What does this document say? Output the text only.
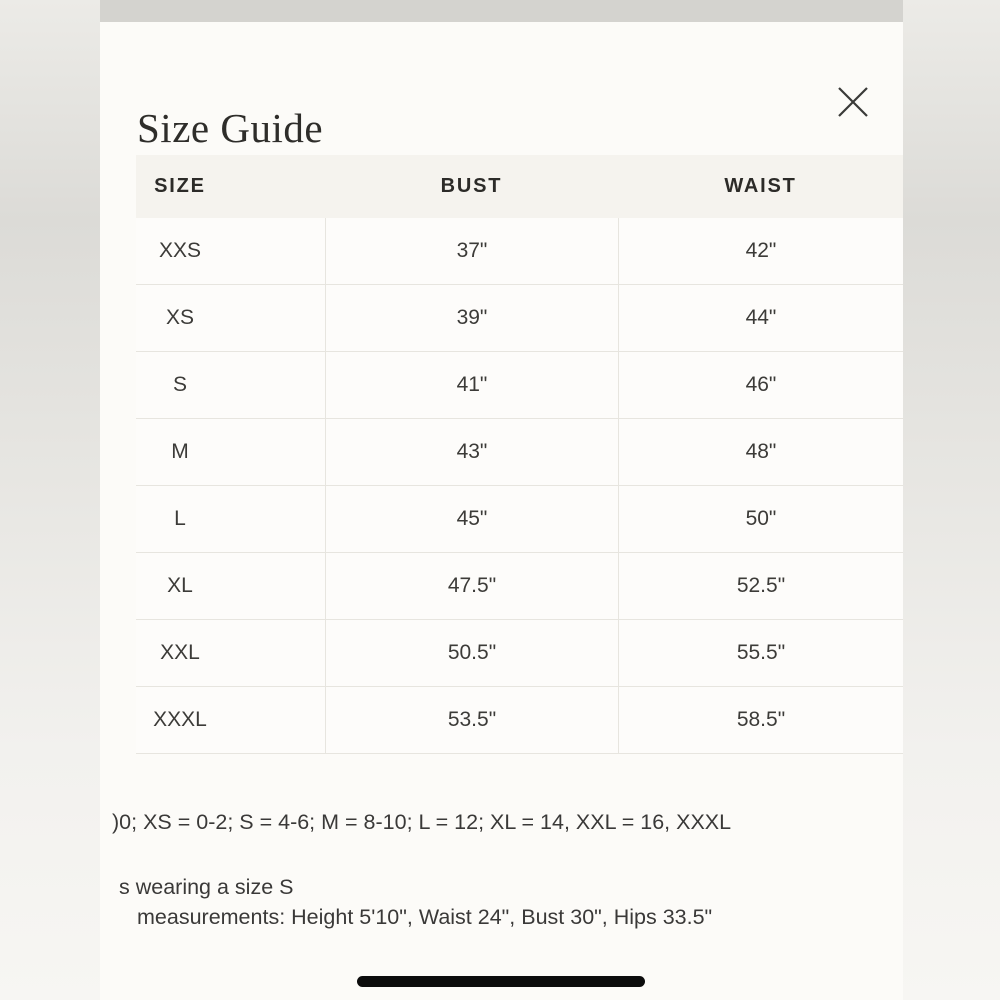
Size Guide
SIZE	BUST	WAIST
XXS	37"	42"
XS	39"	44"
S	41"	46"
M	43"	48"
L	45"	50"
XL	47.5"	52.5"
XXL	50.5"	55.5"
XXXL	53.5"	58.5"
)0; XS = 0-2; S = 4-6; M = 8-10; L = 12; XL = 14, XXL = 16, XXXL
s wearing a size S
measurements: Height 5'10", Waist 24", Bust 30", Hips 33.5"
